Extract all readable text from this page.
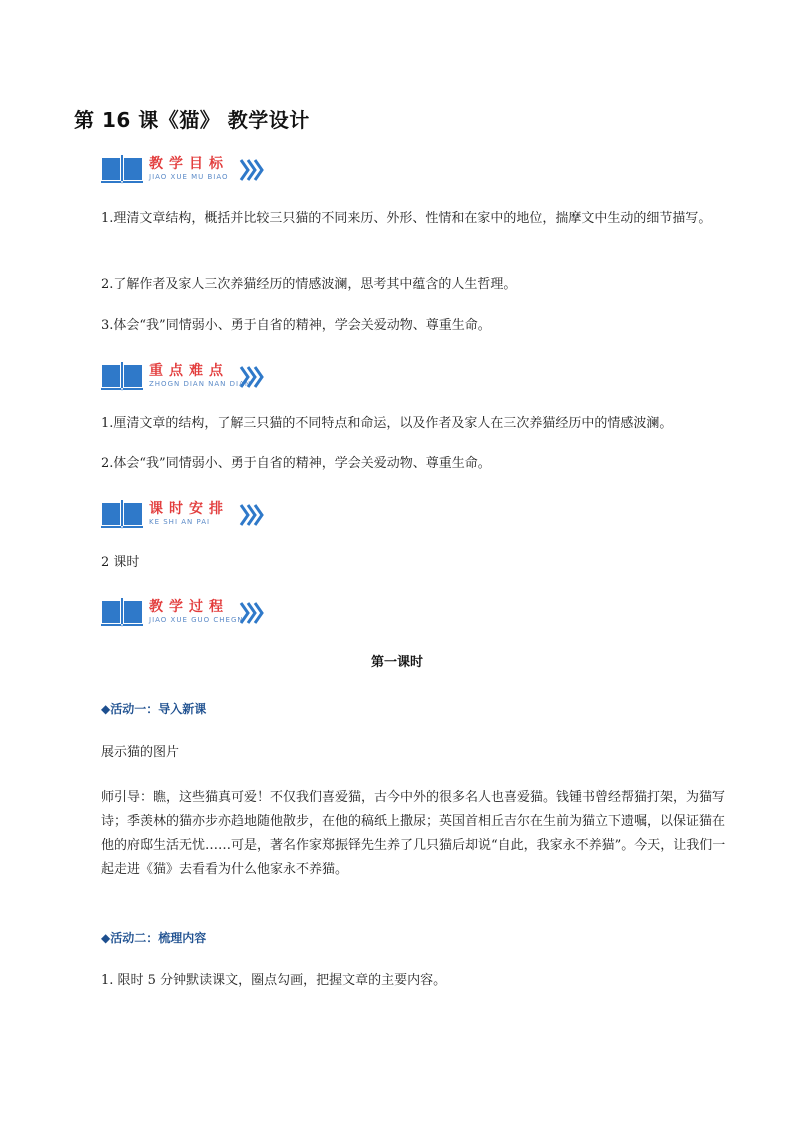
第 16 课《猫》 教学设计
教学目标
JIAO XUE MU BIAO
1.理清文章结构，概括并比较三只猫的不同来历、外形、性情和在家中的地位，揣摩文中生动的细节描写。
2.了解作者及家人三次养猫经历的情感波澜，思考其中蕴含的人生哲理。
3.体会“我”同情弱小、勇于自省的精神，学会关爱动物、尊重生命。
重点难点
ZHOGN DIAN NAN DIAN
1.厘清文章的结构，了解三只猫的不同特点和命运，以及作者及家人在三次养猫经历中的情感波澜。
2.体会“我”同情弱小、勇于自省的精神，学会关爱动物、尊重生命。
课时安排
KE SHI AN PAI
2 课时
教学过程
JIAO XUE GUO CHEGN
第一课时
◆活动一：导入新课
展示猫的图片
师引导：瞧，这些猫真可爱！不仅我们喜爱猫，古今中外的很多名人也喜爱猫。钱锺书曾经帮猫打架，为猫写诗；季羡林的猫亦步亦趋地随他散步，在他的稿纸上撒尿；英国首相丘吉尔在生前为猫立下遗嘱，以保证猫在他的府邸生活无忧……可是，著名作家郑振铎先生养了几只猫后却说“自此，我家永不养猫”。今天，让我们一起走进《猫》去看看为什么他家永不养猫。
◆活动二：梳理内容
1. 限时 5 分钟默读课文，圈点勾画，把握文章的主要内容。
